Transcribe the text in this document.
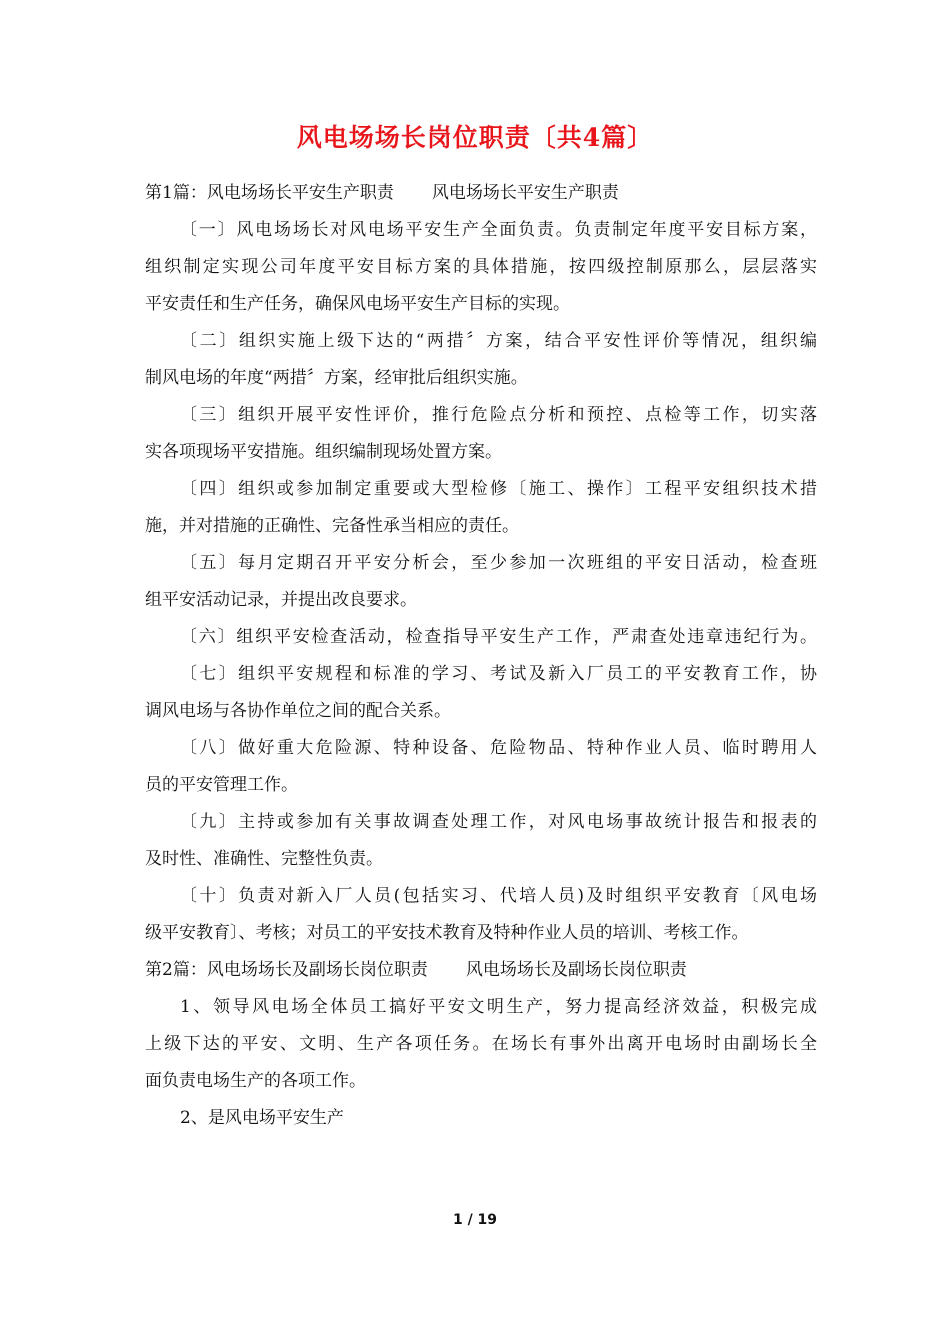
风电场场长岗位职责〔共4篇〕
第1篇：风电场场长平安生产职责 风电场场长平安生产职责
〔一〕风电场场长对风电场平安生产全面负责。负责制定年度平安目标方案，
组织制定实现公司年度平安目标方案的具体措施，按四级控制原那么，层层落实
平安责任和生产任务，确保风电场平安生产目标的实现。
〔二〕组织实施上级下达的“两措〞方案，结合平安性评价等情况，组织编
制风电场的年度“两措〞方案，经审批后组织实施。
〔三〕组织开展平安性评价，推行危险点分析和预控、点检等工作，切实落
实各项现场平安措施。组织编制现场处置方案。
〔四〕组织或参加制定重要或大型检修〔施工、操作〕工程平安组织技术措
施，并对措施的正确性、完备性承当相应的责任。
〔五〕每月定期召开平安分析会，至少参加一次班组的平安日活动，检查班
组平安活动记录，并提出改良要求。
〔六〕组织平安检查活动，检查指导平安生产工作，严肃查处违章违纪行为。
〔七〕组织平安规程和标准的学习、考试及新入厂员工的平安教育工作，协
调风电场与各协作单位之间的配合关系。
〔八〕做好重大危险源、特种设备、危险物品、特种作业人员、临时聘用人
员的平安管理工作。
〔九〕主持或参加有关事故调查处理工作，对风电场事故统计报告和报表的
及时性、准确性、完整性负责。
〔十〕负责对新入厂人员(包括实习、代培人员)及时组织平安教育〔风电场
级平安教育〕、考核；对员工的平安技术教育及特种作业人员的培训、考核工作。
第2篇：风电场场长及副场长岗位职责 风电场场长及副场长岗位职责
1、领导风电场全体员工搞好平安文明生产，努力提高经济效益，积极完成
上级下达的平安、文明、生产各项任务。在场长有事外出离开电场时由副场长全
面负责电场生产的各项工作。
2、是风电场平安生产
1 / 19
